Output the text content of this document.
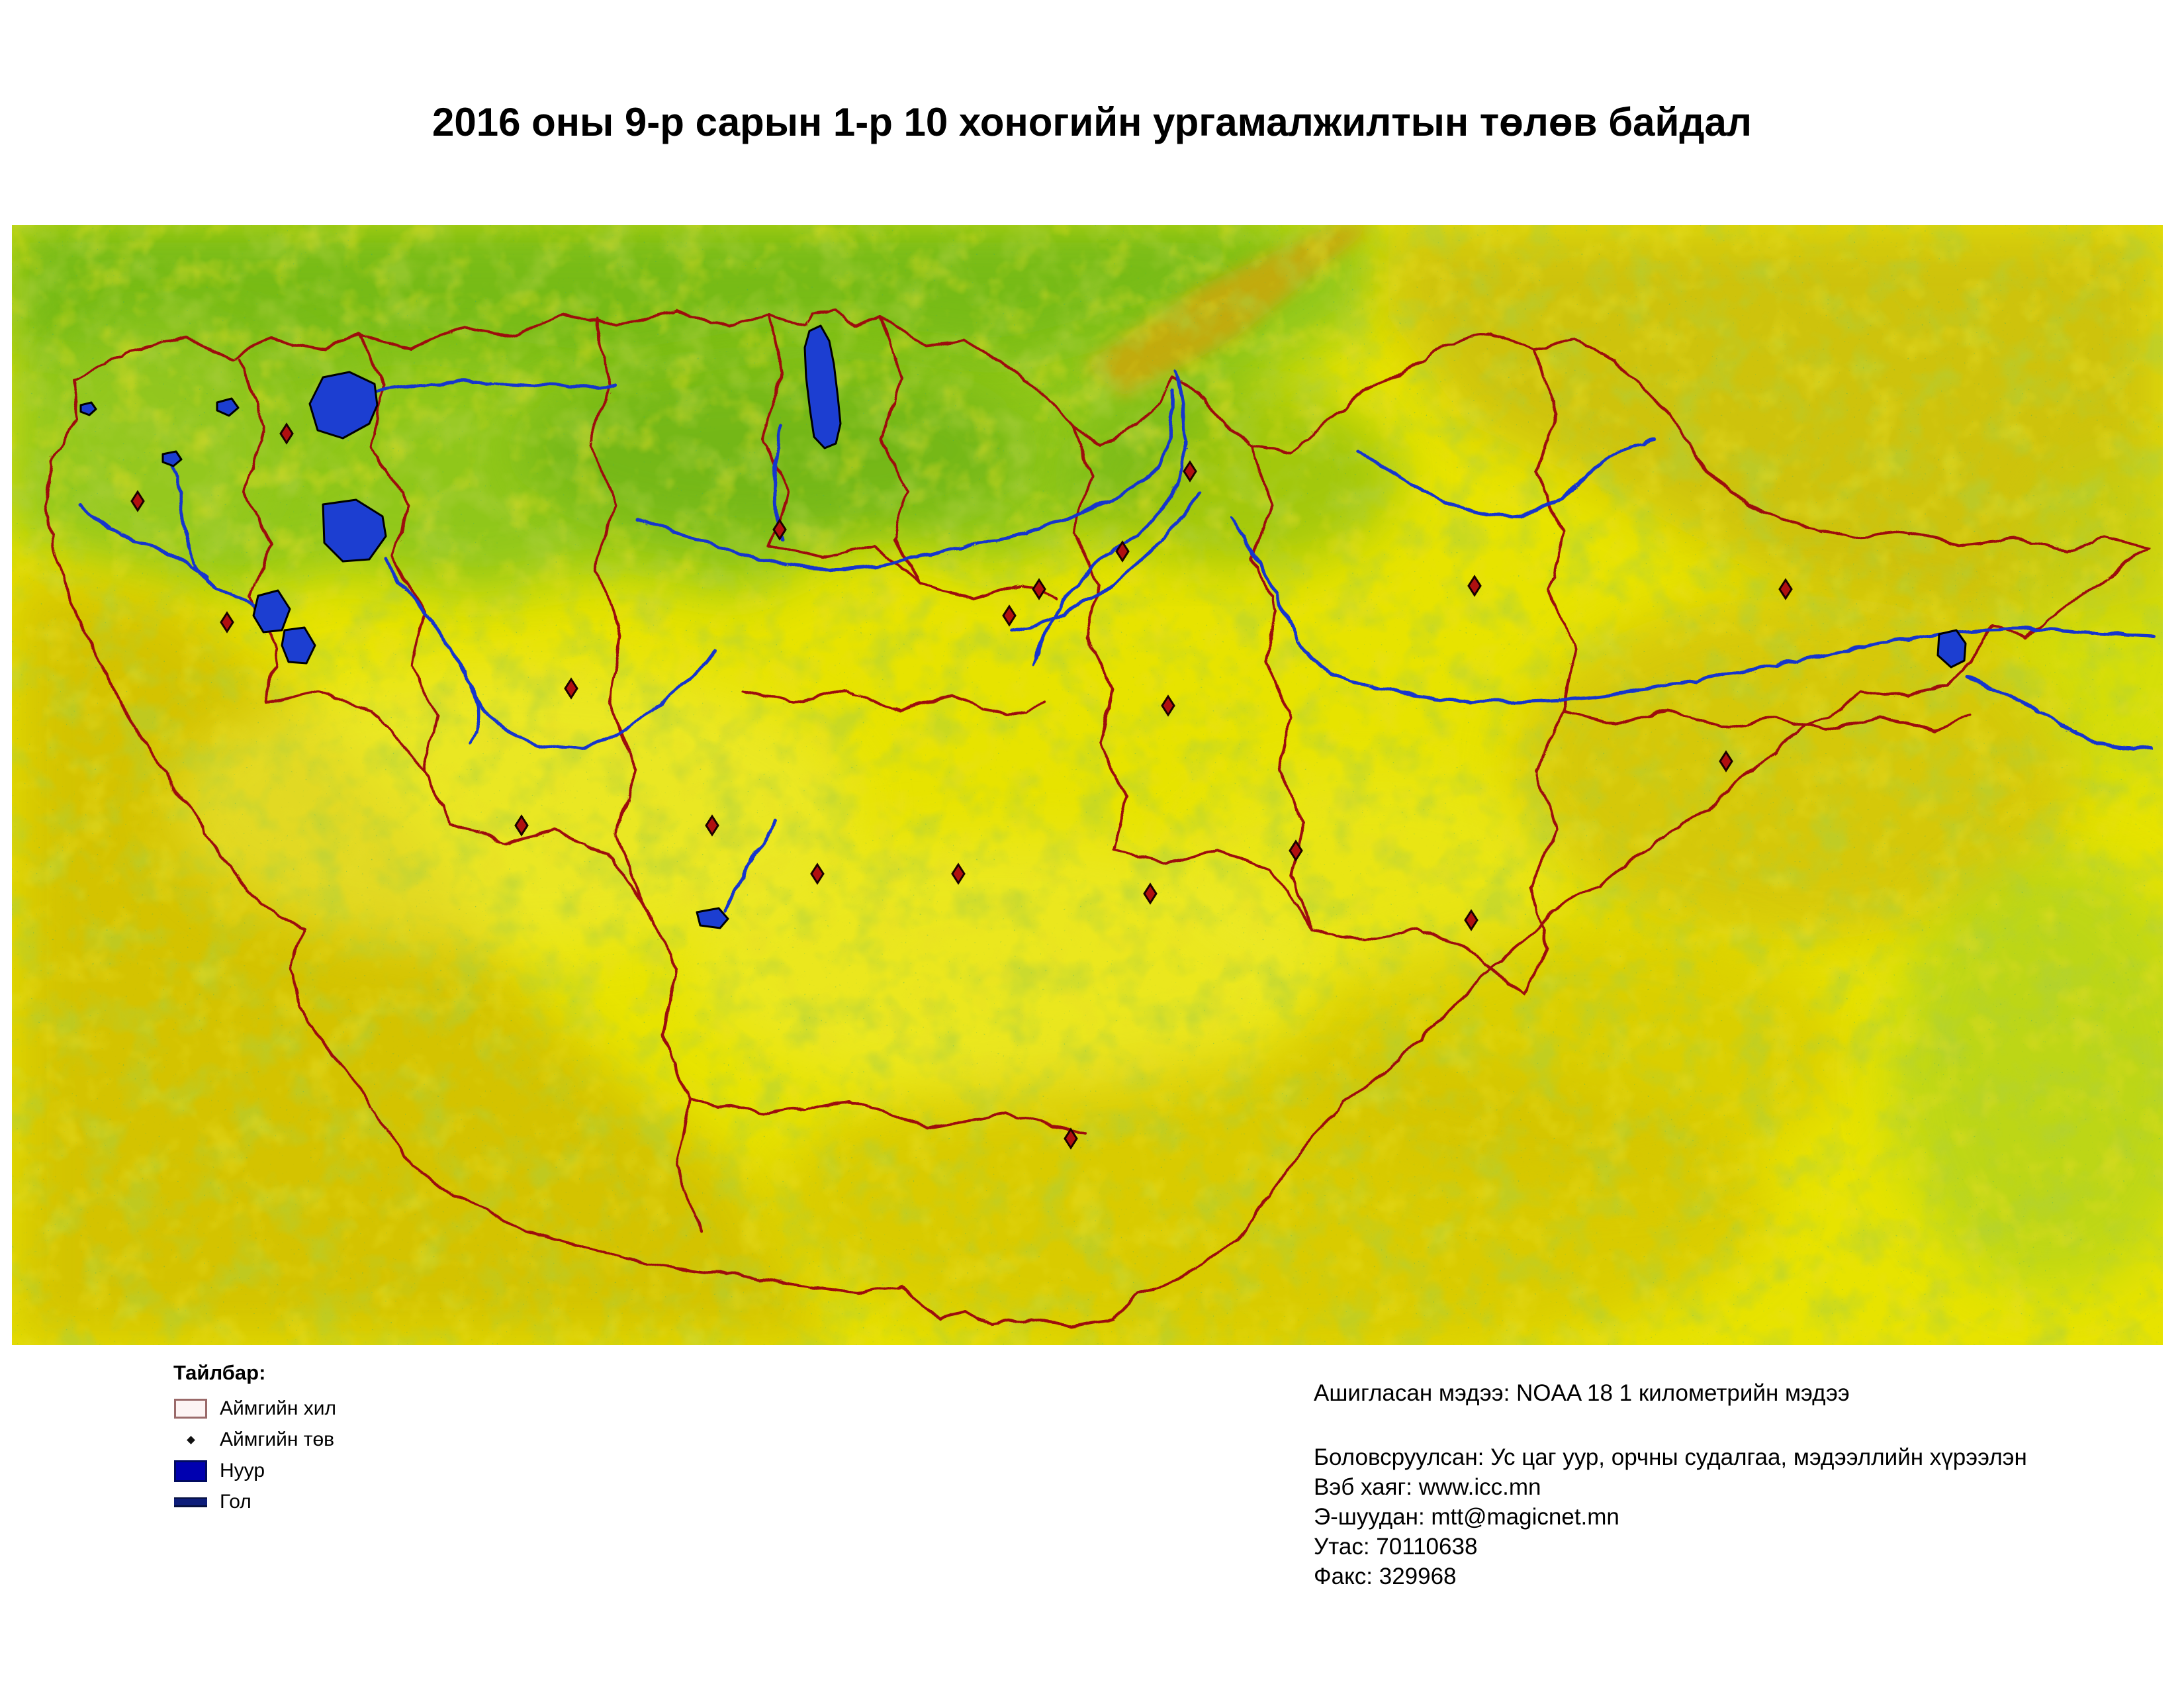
2016 оны 9-р сарын 1-р 10 хоногийн ургамалжилтын төлөв байдал
Тайлбар:
Аймгийн хил
Аймгийн төв
Нуур
Гол
Ашигласан мэдээ: NOAA 18 1 километрийн мэдээ
Боловсруулсан: Ус цаг уур, орчны судалгаа, мэдээллийн хүрээлэн
Вэб хаяг: www.icc.mn
Э-шуудан: mtt@magicnet.mn
Утас: 70110638
Факс: 329968
